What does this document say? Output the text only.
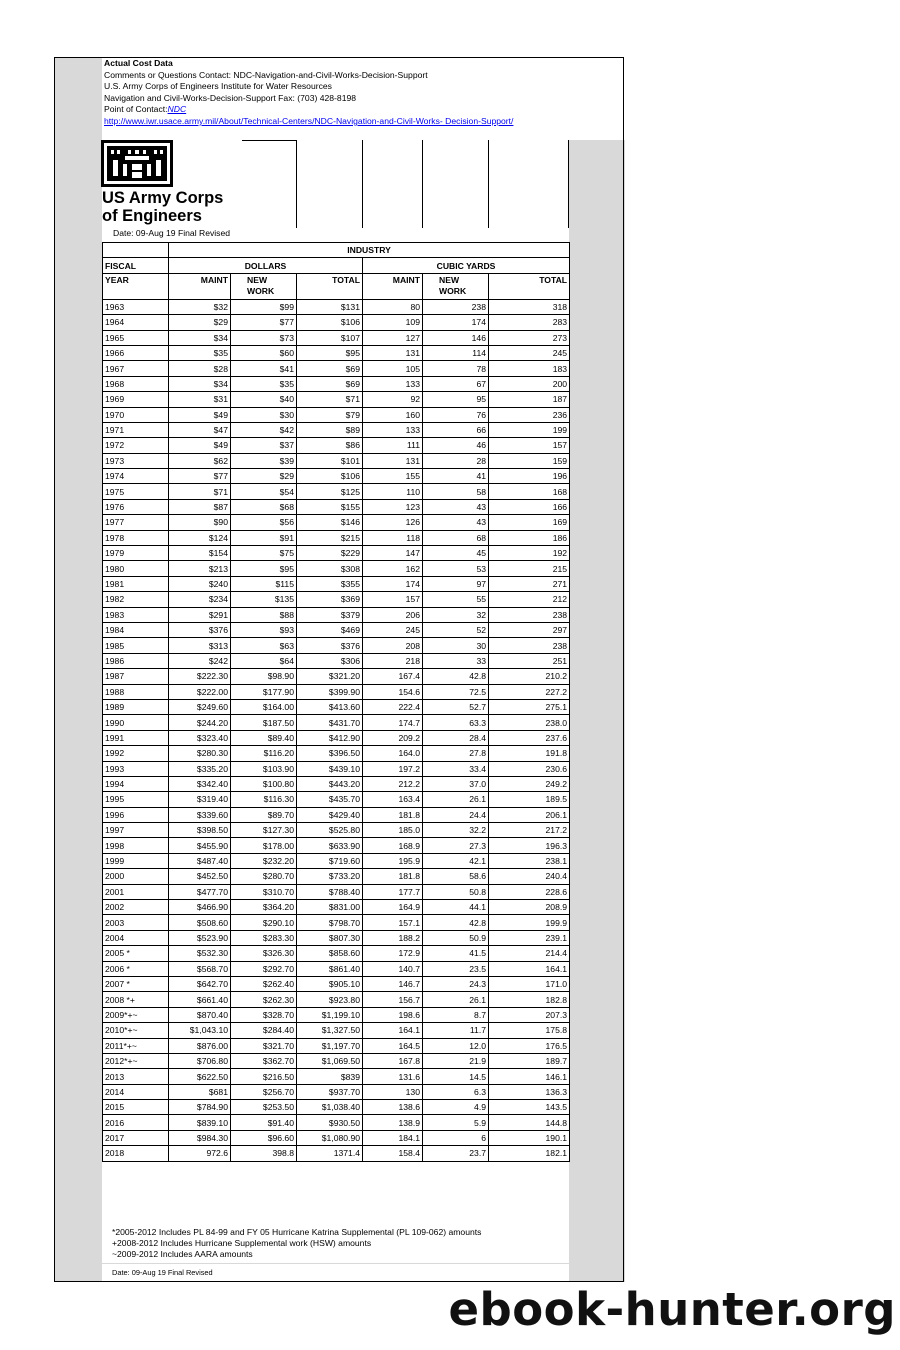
Actual Cost Data
Comments or Questions Contact: NDC-Navigation-and-Civil-Works-Decision-Support
U.S. Army Corps of Engineers Institute for Water Resources
Navigation and Civil-Works-Decision-Support Fax: (703) 428-8198
Point of Contact:NDC
http://www.iwr.usace.army.mil/About/Technical-Centers/NDC-Navigation-and-Civil-Works- Decision-Support/
US Army Corps
of Engineers
Date: 09-Aug 19 Final Revised
	INDUSTRY					
FISCAL	DOLLARS			CUBIC YARDS		
YEAR	MAINT	NEW WORK	TOTAL	MAINT	NEW WORK	TOTAL
1963	$32	$99	$131	80	238	318
1964	$29	$77	$106	109	174	283
1965	$34	$73	$107	127	146	273
1966	$35	$60	$95	131	114	245
1967	$28	$41	$69	105	78	183
1968	$34	$35	$69	133	67	200
1969	$31	$40	$71	92	95	187
1970	$49	$30	$79	160	76	236
1971	$47	$42	$89	133	66	199
1972	$49	$37	$86	111	46	157
1973	$62	$39	$101	131	28	159
1974	$77	$29	$106	155	41	196
1975	$71	$54	$125	110	58	168
1976	$87	$68	$155	123	43	166
1977	$90	$56	$146	126	43	169
1978	$124	$91	$215	118	68	186
1979	$154	$75	$229	147	45	192
1980	$213	$95	$308	162	53	215
1981	$240	$115	$355	174	97	271
1982	$234	$135	$369	157	55	212
1983	$291	$88	$379	206	32	238
1984	$376	$93	$469	245	52	297
1985	$313	$63	$376	208	30	238
1986	$242	$64	$306	218	33	251
1987	$222.30	$98.90	$321.20	167.4	42.8	210.2
1988	$222.00	$177.90	$399.90	154.6	72.5	227.2
1989	$249.60	$164.00	$413.60	222.4	52.7	275.1
1990	$244.20	$187.50	$431.70	174.7	63.3	238.0
1991	$323.40	$89.40	$412.90	209.2	28.4	237.6
1992	$280.30	$116.20	$396.50	164.0	27.8	191.8
1993	$335.20	$103.90	$439.10	197.2	33.4	230.6
1994	$342.40	$100.80	$443.20	212.2	37.0	249.2
1995	$319.40	$116.30	$435.70	163.4	26.1	189.5
1996	$339.60	$89.70	$429.40	181.8	24.4	206.1
1997	$398.50	$127.30	$525.80	185.0	32.2	217.2
1998	$455.90	$178.00	$633.90	168.9	27.3	196.3
1999	$487.40	$232.20	$719.60	195.9	42.1	238.1
2000	$452.50	$280.70	$733.20	181.8	58.6	240.4
2001	$477.70	$310.70	$788.40	177.7	50.8	228.6
2002	$466.90	$364.20	$831.00	164.9	44.1	208.9
2003	$508.60	$290.10	$798.70	157.1	42.8	199.9
2004	$523.90	$283.30	$807.30	188.2	50.9	239.1
2005 *	$532.30	$326.30	$858.60	172.9	41.5	214.4
2006 *	$568.70	$292.70	$861.40	140.7	23.5	164.1
2007 *	$642.70	$262.40	$905.10	146.7	24.3	171.0
2008 *+	$661.40	$262.30	$923.80	156.7	26.1	182.8
2009*+~	$870.40	$328.70	$1,199.10	198.6	8.7	207.3
2010*+~	$1,043.10	$284.40	$1,327.50	164.1	11.7	175.8
2011*+~	$876.00	$321.70	$1,197.70	164.5	12.0	176.5
2012*+~	$706.80	$362.70	$1,069.50	167.8	21.9	189.7
2013	$622.50	$216.50	$839	131.6	14.5	146.1
2014	$681	$256.70	$937.70	130	6.3	136.3
2015	$784.90	$253.50	$1,038.40	138.6	4.9	143.5
2016	$839.10	$91.40	$930.50	138.9	5.9	144.8
2017	$984.30	$96.60	$1,080.90	184.1	6	190.1
2018	972.6	398.8	1371.4	158.4	23.7	182.1
*2005-2012 Includes PL 84-99 and FY 05 Hurricane Katrina Supplemental (PL 109-062) amounts
+2008-2012 Includes Hurricane Supplemental work (HSW) amounts
~2009-2012 Includes AARA amounts
Date: 09-Aug 19 Final Revised
ebook-hunter.org
